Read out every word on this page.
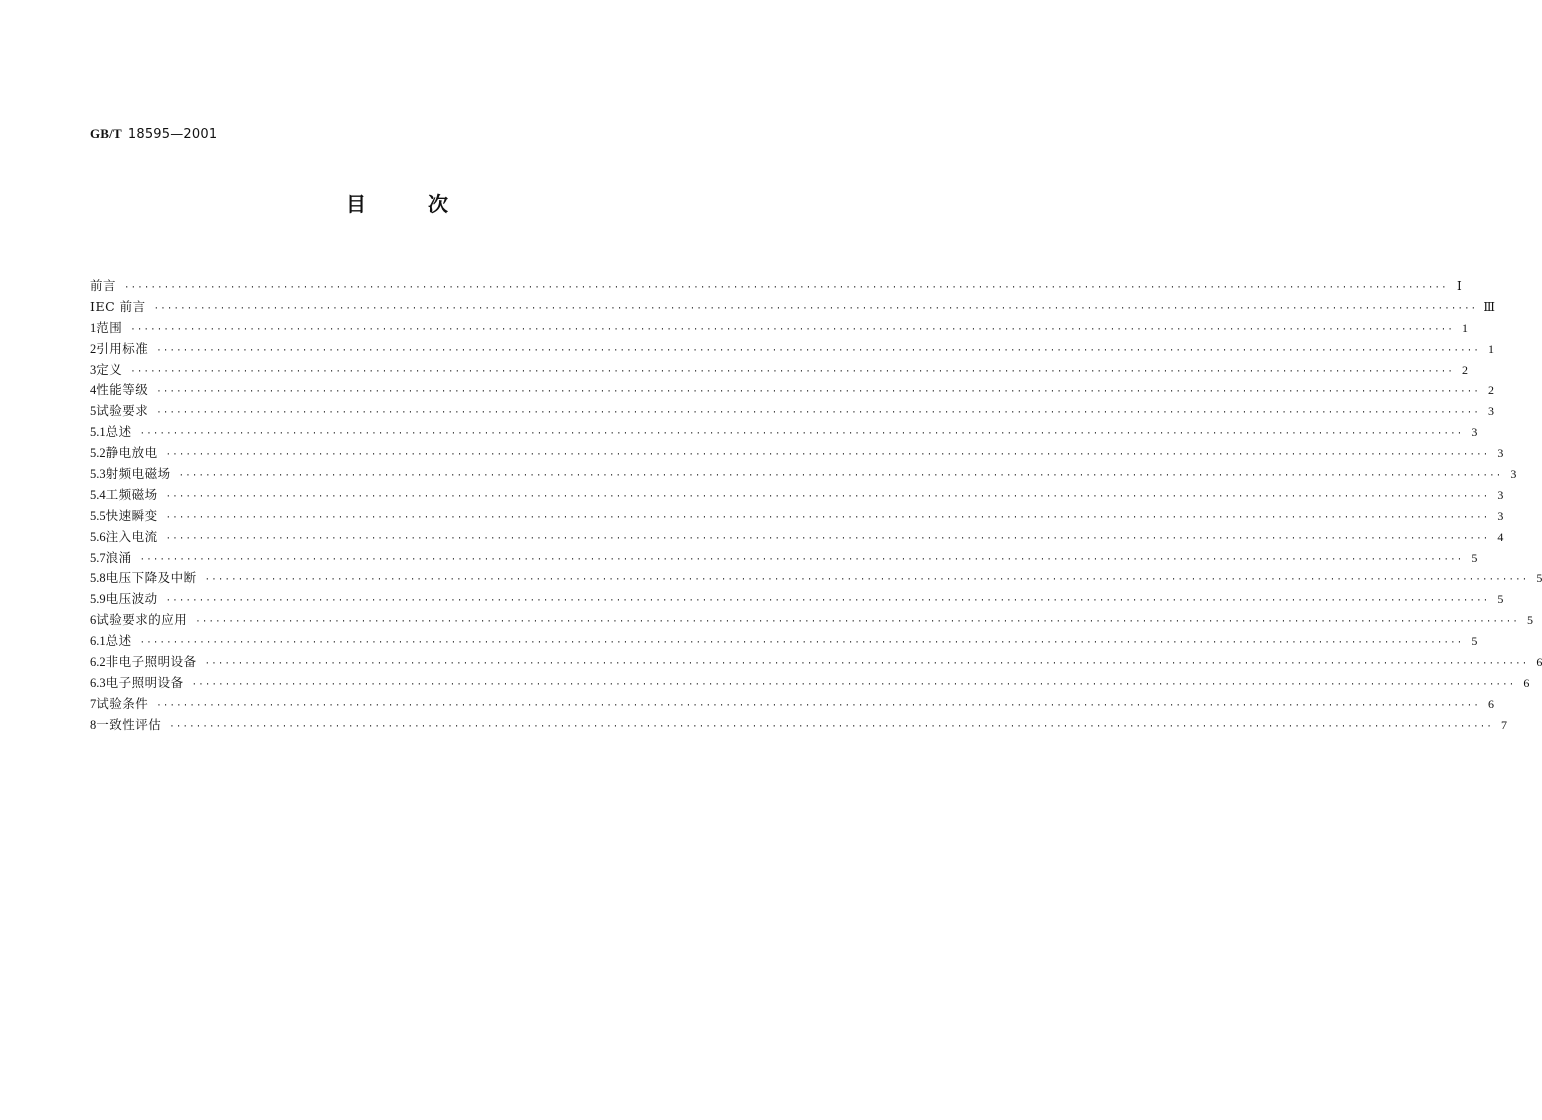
GB/T 18595—2001
目	次
前言 ········································································································································································································ Ⅰ
IEC 前言 ········································································································································································································ Ⅲ
1 范围 ········································································································································································································ 1
2 引用标准 ········································································································································································································ 1
3 定义 ········································································································································································································ 2
4 性能等级 ········································································································································································································ 2
5 试验要求 ········································································································································································································ 3
5.1 总述 ········································································································································································································ 3
5.2 静电放电 ········································································································································································································ 3
5.3 射频电磁场 ········································································································································································································ 3
5.4 工频磁场 ········································································································································································································ 3
5.5 快速瞬变 ········································································································································································································ 3
5.6 注入电流 ········································································································································································································ 4
5.7 浪涌 ········································································································································································································ 5
5.8 电压下降及中断 ········································································································································································································ 5
5.9 电压波动 ········································································································································································································ 5
6 试验要求的应用 ········································································································································································································ 5
6.1 总述 ········································································································································································································ 5
6.2 非电子照明设备 ········································································································································································································ 6
6.3 电子照明设备 ········································································································································································································ 6
7 试验条件 ········································································································································································································ 6
8 一致性评估 ········································································································································································································ 7
